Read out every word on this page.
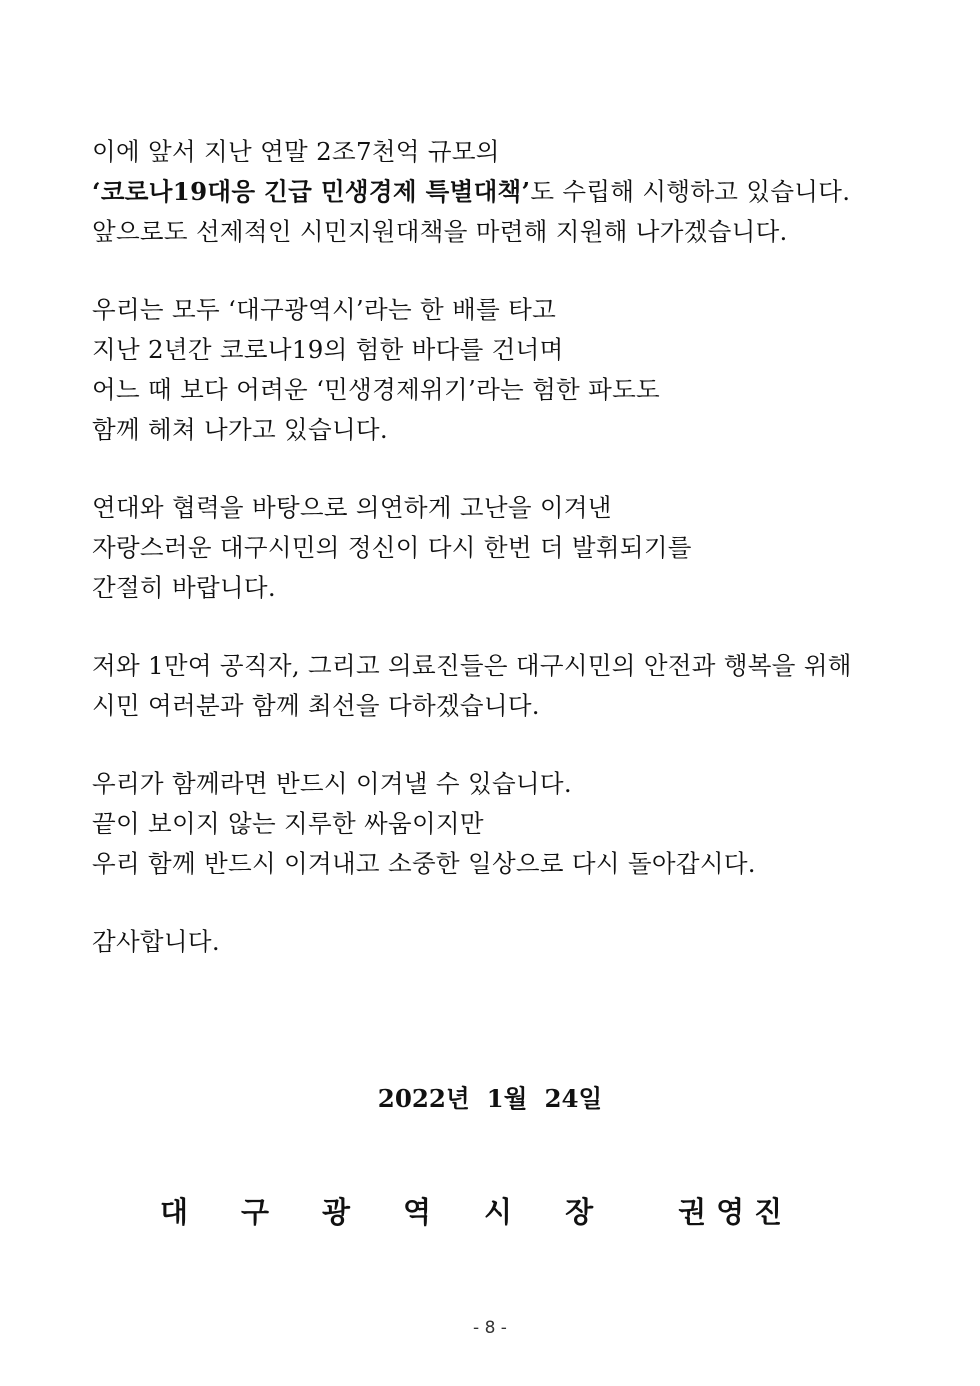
이에 앞서 지난 연말 2조7천억 규모의
‘코로나19대응 긴급 민생경제 특별대책’도 수립해 시행하고 있습니다.
앞으로도 선제적인 시민지원대책을 마련해 지원해 나가겠습니다.
우리는 모두 ‘대구광역시’라는 한 배를 타고
지난 2년간 코로나19의 험한 바다를 건너며
어느 때 보다 어려운 ‘민생경제위기’라는 험한 파도도
함께 헤쳐 나가고 있습니다.
연대와 협력을 바탕으로 의연하게 고난을 이겨낸
자랑스러운 대구시민의 정신이 다시 한번 더 발휘되기를
간절히 바랍니다.
저와 1만여 공직자, 그리고 의료진들은 대구시민의 안전과 행복을 위해
시민 여러분과 함께 최선을 다하겠습니다.
우리가 함께라면 반드시 이겨낼 수 있습니다.
끝이 보이지 않는 지루한 싸움이지만
우리 함께 반드시 이겨내고 소중한 일상으로 다시 돌아갑시다.
감사합니다.
2022년  1월  24일
대구광역시장 권영진
- 8 -
